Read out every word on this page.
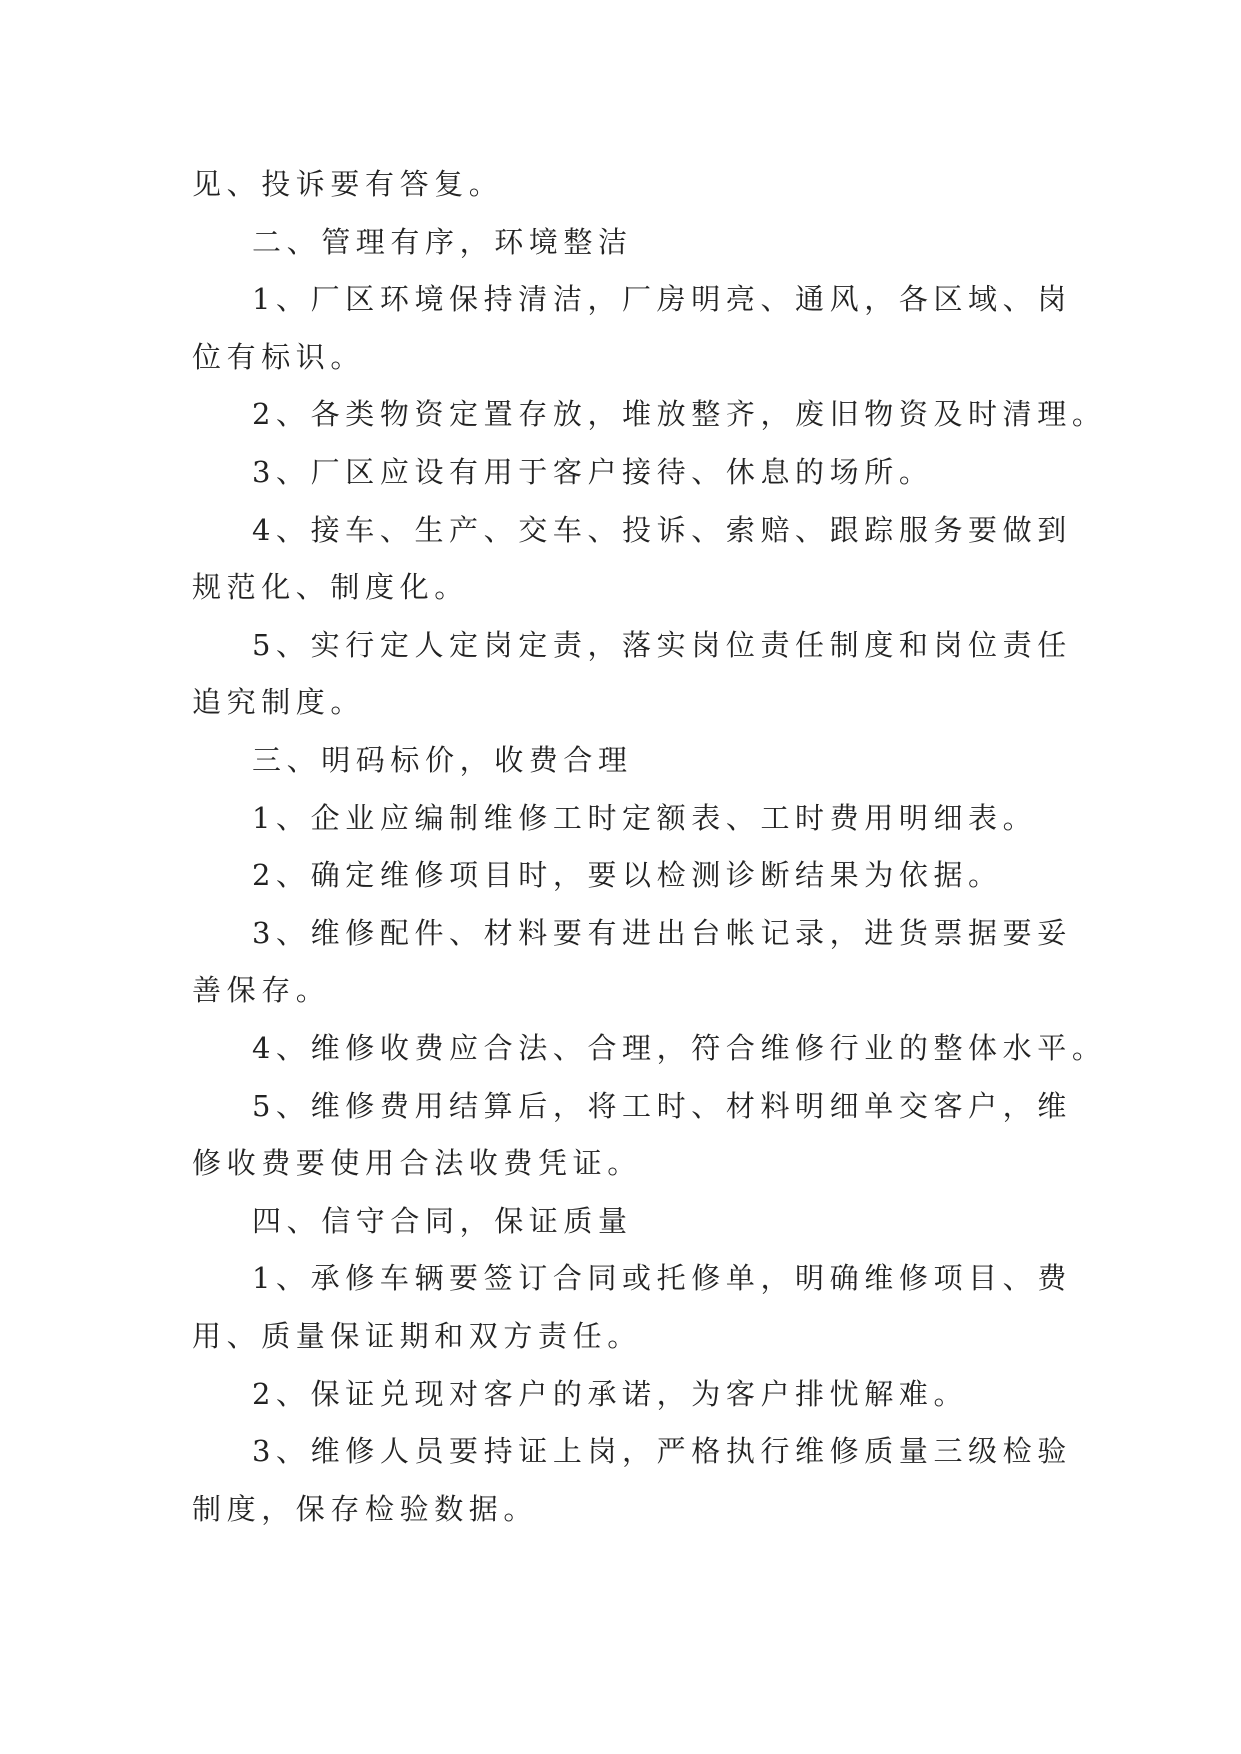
见、投诉要有答复。

二、管理有序，环境整洁

1、厂区环境保持清洁，厂房明亮、通风，各区域、岗

位有标识。

2、各类物资定置存放，堆放整齐，废旧物资及时清理。

3、厂区应设有用于客户接待、休息的场所。

4、接车、生产、交车、投诉、索赔、跟踪服务要做到

规范化、制度化。

5、实行定人定岗定责，落实岗位责任制度和岗位责任

追究制度。

三、明码标价，收费合理

1、企业应编制维修工时定额表、工时费用明细表。

2、确定维修项目时，要以检测诊断结果为依据。

3、维修配件、材料要有进出台帐记录，进货票据要妥

善保存。

4、维修收费应合法、合理，符合维修行业的整体水平。

5、维修费用结算后，将工时、材料明细单交客户，维

修收费要使用合法收费凭证。

四、信守合同，保证质量

1、承修车辆要签订合同或托修单，明确维修项目、费

用、质量保证期和双方责任。

2、保证兑现对客户的承诺，为客户排忧解难。

3、维修人员要持证上岗，严格执行维修质量三级检验

制度，保存检验数据。
